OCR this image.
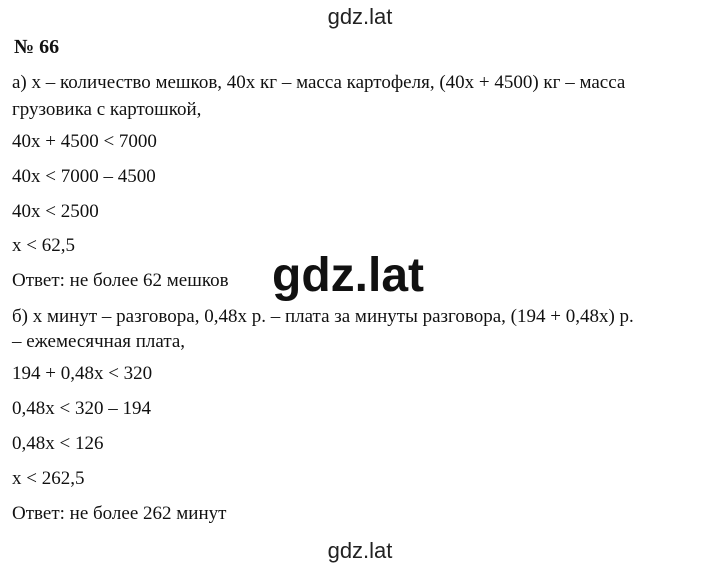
gdz.lat
№ 66
а) x – количество мешков, 40x кг – масса картофеля, (40x + 4500) кг – масса
грузовика с картошкой,
40x + 4500 < 7000
40x < 7000 – 4500
40x < 2500
x < 62,5
Ответ: не более 62 мешков
б) x минут – разговора, 0,48x р. – плата за минуты разговора, (194 + 0,48x) р.
– ежемесячная плата,
194 + 0,48x < 320
0,48x < 320 – 194
0,48x < 126
x < 262,5
Ответ: не более 262 минут
gdz.lat
gdz.lat
